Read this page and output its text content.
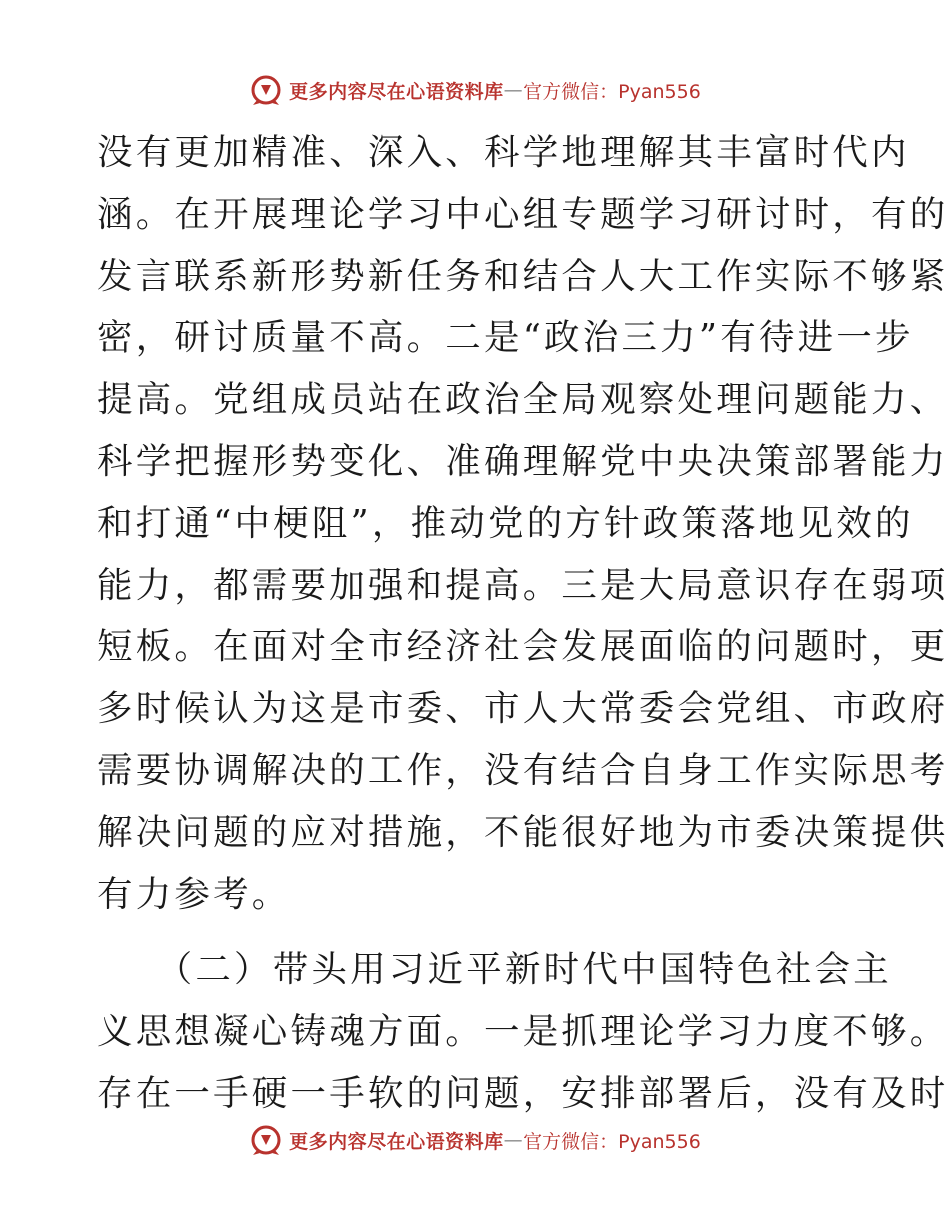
更多内容尽在心语资料库 — 官方微信：Pyan556

没有更加精准、深入、科学地理解其丰富时代内

涵。在开展理论学习中心组专题学习研讨时，有的

发言联系新形势新任务和结合人大工作实际不够紧

密，研讨质量不高。二是“政治三力”有待进一步

提高。党组成员站在政治全局观察处理问题能力、

科学把握形势变化、准确理解党中央决策部署能力

和打通“中梗阻”，推动党的方针政策落地见效的

能力，都需要加强和提高。三是大局意识存在弱项

短板。在面对全市经济社会发展面临的问题时，更

多时候认为这是市委、市人大常委会党组、市政府

需要协调解决的工作，没有结合自身工作实际思考

解决问题的应对措施，不能很好地为市委决策提供

有力参考。

　　（二）带头用习近平新时代中国特色社会主

义思想凝心铸魂方面。一是抓理论学习力度不够。

存在一手硬一手软的问题，安排部署后，没有及时

更多内容尽在心语资料库 — 官方微信：Pyan556
